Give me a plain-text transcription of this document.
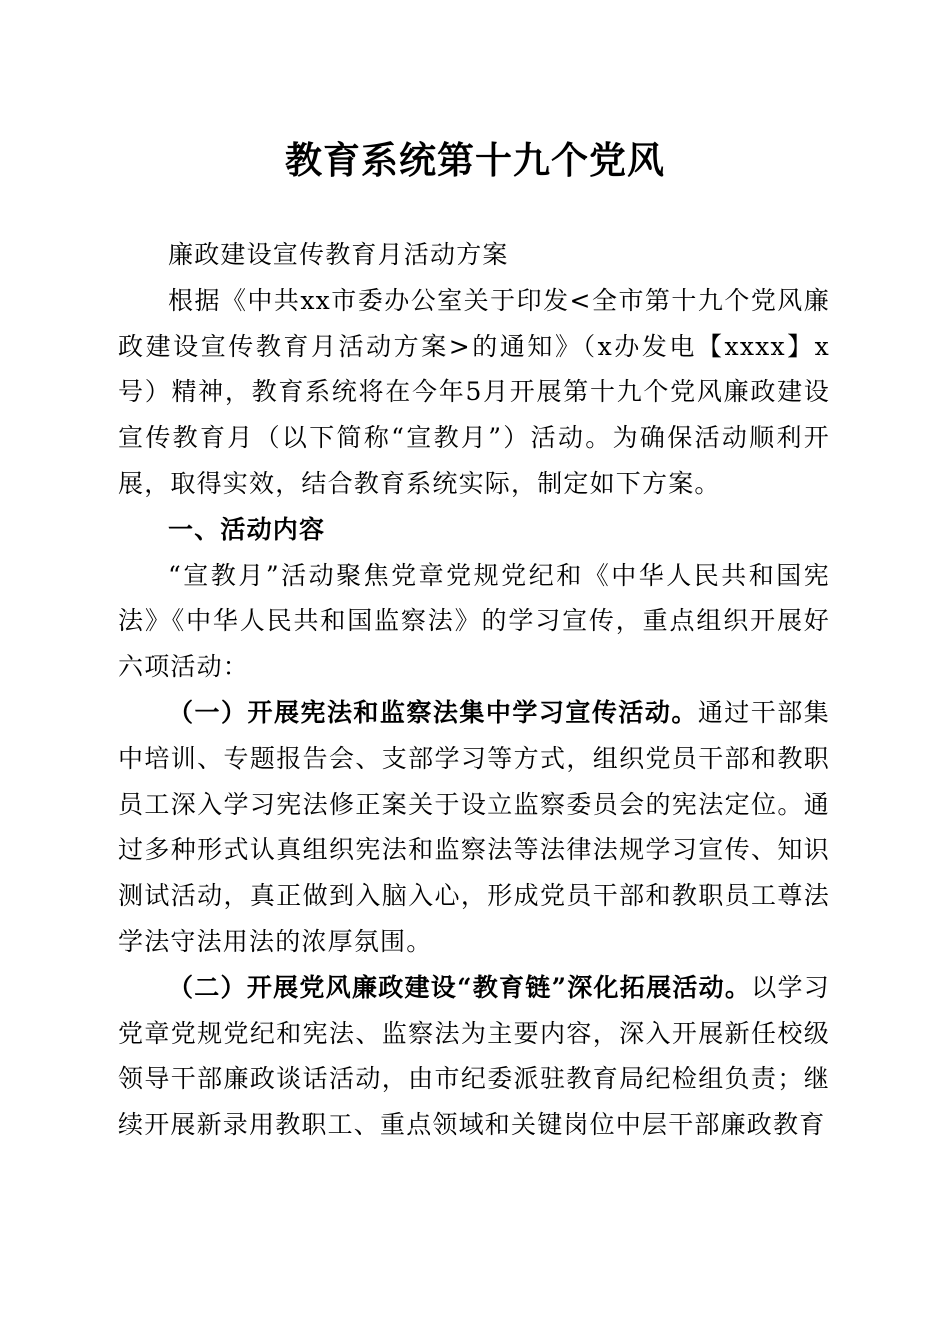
教育系统第十九个党风

廉政建设宣传教育月活动方案

根据《中共xx市委办公室关于印发<全市第十九个党风廉政建设宣传教育月活动方案>的通知》（x办发电【xxxx】x号）精神，教育系统将在今年5月开展第十九个党风廉政建设宣传教育月（以下简称“宣教月”）活动。为确保活动顺利开展，取得实效，结合教育系统实际，制定如下方案。

一、活动内容

“宣教月”活动聚焦党章党规党纪和《中华人民共和国宪法》《中华人民共和国监察法》的学习宣传，重点组织开展好六项活动：

（一）开展宪法和监察法集中学习宣传活动。通过干部集中培训、专题报告会、支部学习等方式，组织党员干部和教职员工深入学习宪法修正案关于设立监察委员会的宪法定位。通过多种形式认真组织宪法和监察法等法律法规学习宣传、知识测试活动，真正做到入脑入心，形成党员干部和教职员工尊法学法守法用法的浓厚氛围。

（二）开展党风廉政建设“教育链”深化拓展活动。以学习党章党规党纪和宪法、监察法为主要内容，深入开展新任校级领导干部廉政谈话活动，由市纪委派驻教育局纪检组负责；继续开展新录用教职工、重点领域和关键岗位中层干部廉政教育
